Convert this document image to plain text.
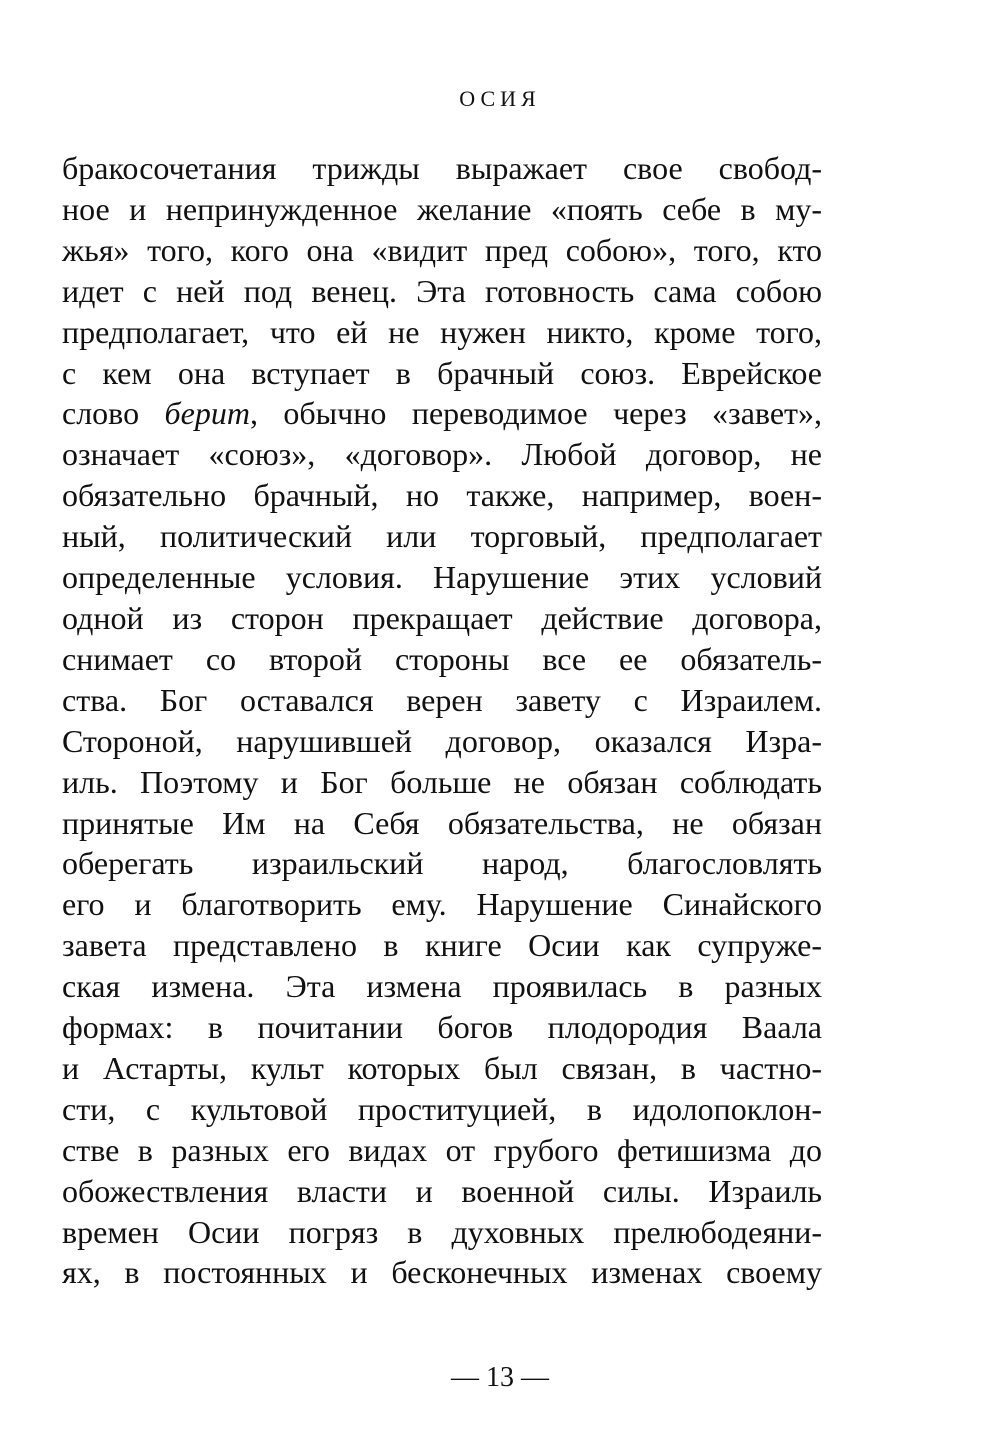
ОСИЯ
бракосочетания трижды выражает свое свобод-
ное и непринужденное желание «поять себе в му-
жья» того, кого она «видит пред собою», того, кто
идет с ней под венец. Эта готовность сама собою
предполагает, что ей не нужен никто, кроме того,
с кем она вступает в брачный союз. Еврейское
слово берит, обычно переводимое через «завет»,
означает «союз», «договор». Любой договор, не
обязательно брачный, но также, например, воен-
ный, политический или торговый, предполагает
определенные условия. Нарушение этих условий
одной из сторон прекращает действие договора,
снимает со второй стороны все ее обязатель-
ства. Бог оставался верен завету с Израилем.
Стороной, нарушившей договор, оказался Изра-
иль. Поэтому и Бог больше не обязан соблюдать
принятые Им на Себя обязательства, не обязан
оберегать израильский народ, благословлять
его и благотворить ему. Нарушение Синайского
завета представлено в книге Осии как супруже-
ская измена. Эта измена проявилась в разных
формах: в почитании богов плодородия Ваала
и Астарты, культ которых был связан, в частно-
сти, с культовой проституцией, в идолопоклон-
стве в разных его видах от грубого фетишизма до
обожествления власти и военной силы. Израиль
времен Осии погряз в духовных прелюбодеяни-
ях, в постоянных и бесконечных изменах своему
— 13 —
